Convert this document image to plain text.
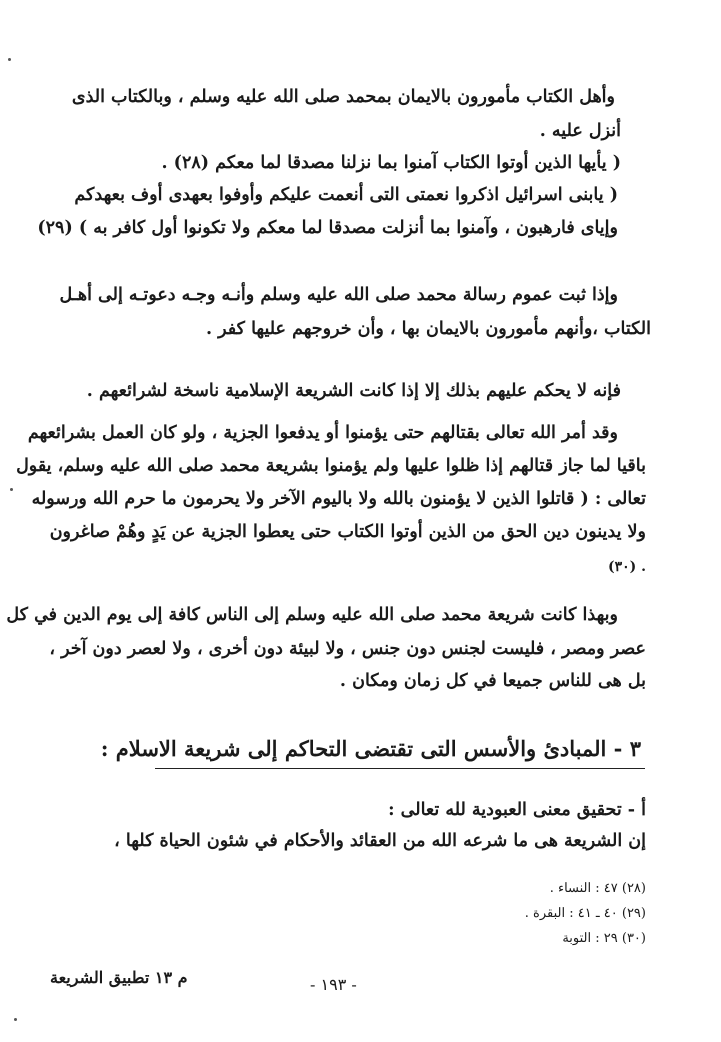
وأهل الكتاب مأمورون بالايمان بمحمد صلى الله عليه وسلم ، وبالكتاب الذى

أنزل عليه .

( يأيها الذين أوتوا الكتاب آمنوا بما نزلنا مصدقا لما معكم (٢٨) .

( يابنى اسرائيل اذكروا نعمتى التى أنعمت عليكم وأوفوا بعهدى أوف بعهدكم

وإياى فارهبون ، وآمنوا بما أنزلت مصدقا لما معكم ولا تكونوا أول كافر به ) (٢٩)

وإذا ثبت عموم رسالة محمد صلى الله عليه وسلم وأنـه وجـه دعوتـه إلى أهـل

الكتاب ،وأنهم مأمورون بالايمان بها ، وأن خروجهم عليها كفر .

فإنه لا يحكم عليهم بذلك إلا إذا كانت الشريعة الإسلامية ناسخة لشرائعهم .

وقد أمر الله تعالى بقتالهم حتى يؤمنوا أو يدفعوا الجزية ، ولو كان العمل بشرائعهم

باقيا لما جاز قتالهم إذا ظلوا عليها ولم يؤمنوا بشريعة محمد صلى الله عليه وسلم، يقول

تعالى : ( قاتلوا الذين لا يؤمنون بالله ولا باليوم الآخر ولا يحرمون ما حرم الله ورسوله

ولا يدينون دين الحق من الذين أوتوا الكتاب حتى يعطوا الجزية عن يَدٍ وهُمْ صاغرون

. (٣٠)

وبهذا كانت شريعة محمد صلى الله عليه وسلم إلى الناس كافة إلى يوم الدين في كل

عصر ومصر ، فليست لجنس دون جنس ، ولا لبيئة دون أخرى ، ولا لعصر دون آخر ،

بل هى للناس جميعا في كل زمان ومكان .

٣ - المبادئ والأسس التى تقتضى التحاكم إلى شريعة الاسلام :

أ - تحقيق معنى العبودية لله تعالى :

إن الشريعة هى ما شرعه الله من العقائد والأحكام في شئون الحياة كلها ،

(٢٨) ٤٧ : النساء .

(٢٩) ٤٠ ـ ٤١ : البقرة .

(٣٠) ٢٩ : التوبة

- ١٩٣ -

م ١٣ تطبيق الشريعة
